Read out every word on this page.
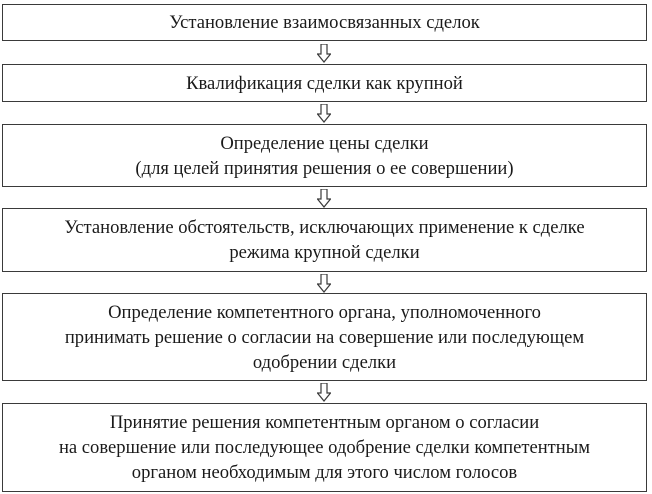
Установление взаимосвязанных сделок
Квалификация сделки как крупной
Определение цены сделки
(для целей принятия решения о ее совершении)
Установление обстоятельств, исключающих применение к сделке
режима крупной сделки
Определение компетентного органа, уполномоченного
принимать решение о согласии на совершение или последующем
одобрении сделки
Принятие решения компетентным органом о согласии
на совершение или последующее одобрение сделки компетентным
органом необходимым для этого числом голосов
